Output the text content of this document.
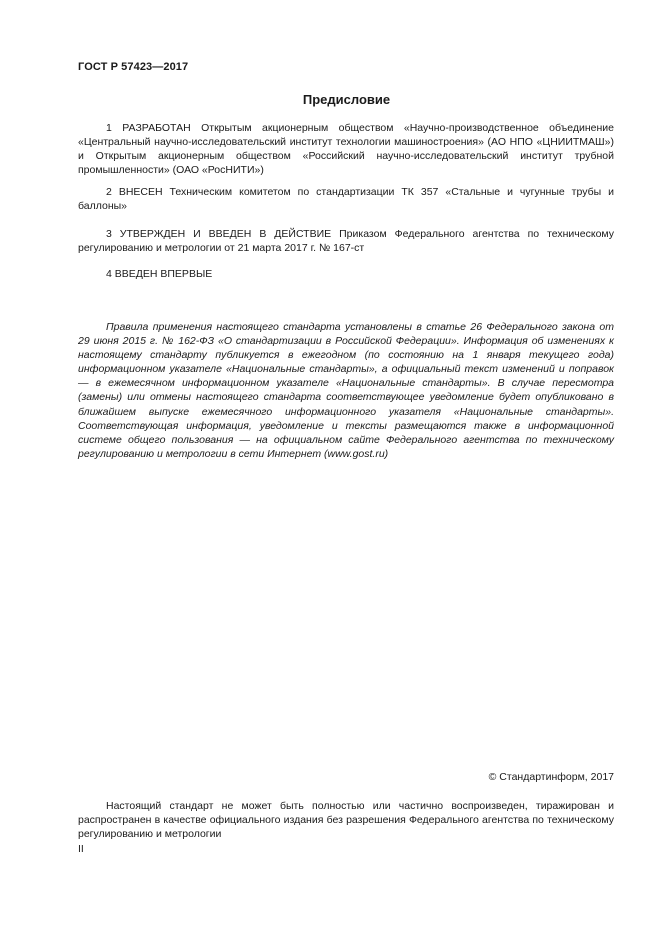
ГОСТ Р 57423—2017
Предисловие

1 РАЗРАБОТАН Открытым акционерным обществом «Научно-производственное объединение «Центральный научно-исследовательский институт технологии машиностроения» (АО НПО «ЦНИИТМАШ») и Открытым акционерным обществом «Российский научно-исследовательский институт трубной промышленности» (ОАО «РосНИТИ»)

2 ВНЕСЕН Техническим комитетом по стандартизации ТК 357 «Стальные и чугунные трубы и баллоны»

3 УТВЕРЖДЕН И ВВЕДЕН В ДЕЙСТВИЕ Приказом Федерального агентства по техническому регулированию и метрологии от 21 марта 2017 г. № 167-ст

4 ВВЕДЕН ВПЕРВЫЕ

Правила применения настоящего стандарта установлены в статье 26 Федерального закона от 29 июня 2015 г. № 162-ФЗ «О стандартизации в Российской Федерации». Информация об изменениях к настоящему стандарту публикуется в ежегодном (по состоянию на 1 января текущего года) информационном указателе «Национальные стандарты», а официальный текст изменений и поправок — в ежемесячном информационном указателе «Национальные стандарты». В случае пересмотра (замены) или отмены настоящего стандарта соответствующее уведомление будет опубликовано в ближайшем выпуске ежемесячного информационного указателя «Национальные стандарты». Соответствующая информация, уведомление и тексты размещаются также в информационной системе общего пользования — на официальном сайте Федерального агентства по техническому регулированию и метрологии в сети Интернет (www.gost.ru)

© Стандартинформ, 2017

Настоящий стандарт не может быть полностью или частично воспроизведен, тиражирован и распространен в качестве официального издания без разрешения Федерального агентства по техническому регулированию и метрологии

II
